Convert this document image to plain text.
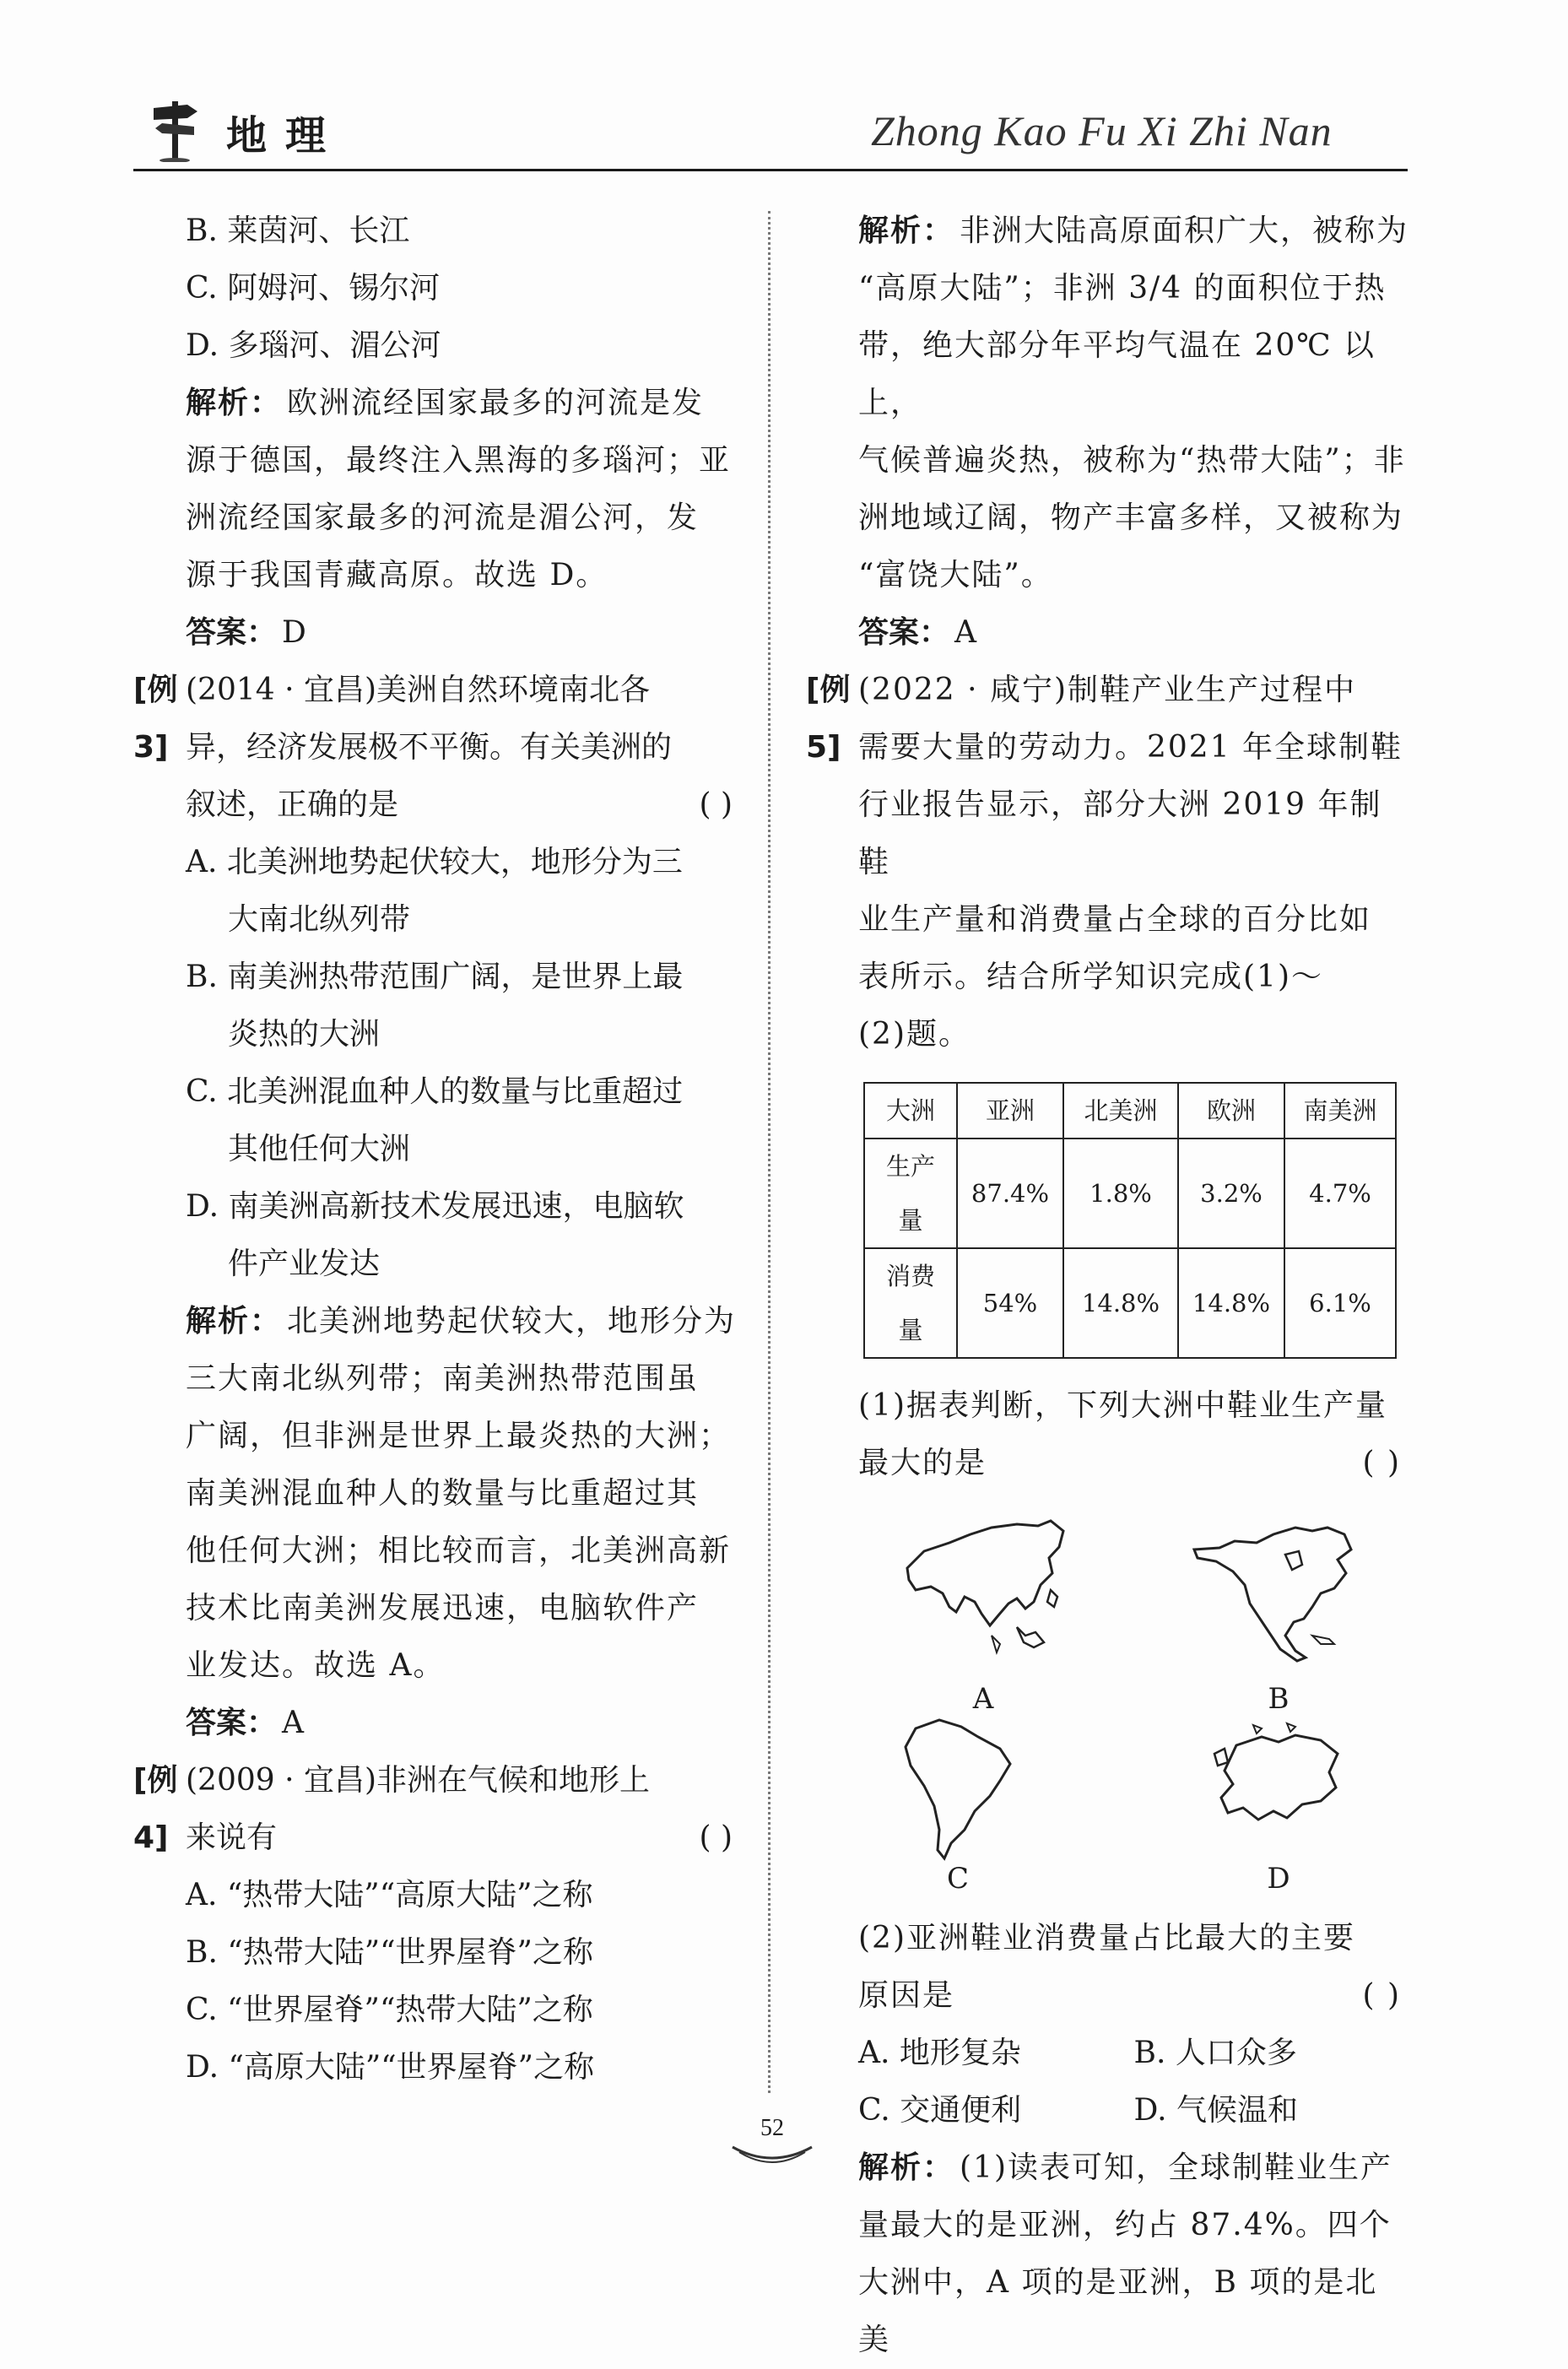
地理	Zhong Kao Fu Xi Zhi Nan

B. 莱茵河、长江

C. 阿姆河、锡尔河

D. 多瑙河、湄公河

解析： 欧洲流经国家最多的河流是发

源于德国，最终注入黑海的多瑙河；亚

洲流经国家最多的河流是湄公河，发

源于我国青藏高原。故选 D。

答案： D

[例3]

(2014 · 宜昌)美洲自然环境南北各

异，经济发展极不平衡。有关美洲的

叙述，正确的是	( )

A. 北美洲地势起伏较大，地形分为三

大南北纵列带

B. 南美洲热带范围广阔，是世界上最

炎热的大洲

C. 北美洲混血种人的数量与比重超过

其他任何大洲

D. 南美洲高新技术发展迅速，电脑软

件产业发达

解析： 北美洲地势起伏较大，地形分为

三大南北纵列带；南美洲热带范围虽

广阔，但非洲是世界上最炎热的大洲；

南美洲混血种人的数量与比重超过其

他任何大洲；相比较而言，北美洲高新

技术比南美洲发展迅速，电脑软件产

业发达。故选 A。

答案： A

[例4]

(2009 · 宜昌)非洲在气候和地形上

来说有	( )

A. “热带大陆”“高原大陆”之称

B. “热带大陆”“世界屋脊”之称

C. “世界屋脊”“热带大陆”之称

D. “高原大陆”“世界屋脊”之称

解析： 非洲大陆高原面积广大，被称为

“高原大陆”；非洲 3/4 的面积位于热

带，绝大部分年平均气温在 20℃ 以上，

气候普遍炎热，被称为“热带大陆”；非

洲地域辽阔，物产丰富多样，又被称为

“富饶大陆”。

答案： A

[例5]

(2022 · 咸宁)制鞋产业生产过程中

需要大量的劳动力。2021 年全球制鞋

行业报告显示，部分大洲 2019 年制鞋

业生产量和消费量占全球的百分比如

表所示。结合所学知识完成(1)～

(2)题。

大洲	亚洲	北美洲	欧洲	南美洲
生产量	87.4%	1.8%	3.2%	4.7%
消费量	54%	14.8%	14.8%	6.1%

(1)据表判断，下列大洲中鞋业生产量

最大的是	( )

A	B
C	D

(2)亚洲鞋业消费量占比最大的主要

原因是	( )

A. 地形复杂	B. 人口众多
C. 交通便利	D. 气候温和

解析： (1)读表可知，全球制鞋业生产

量最大的是亚洲，约占 87.4%。四个

大洲中，A 项的是亚洲，B 项的是北美

52
